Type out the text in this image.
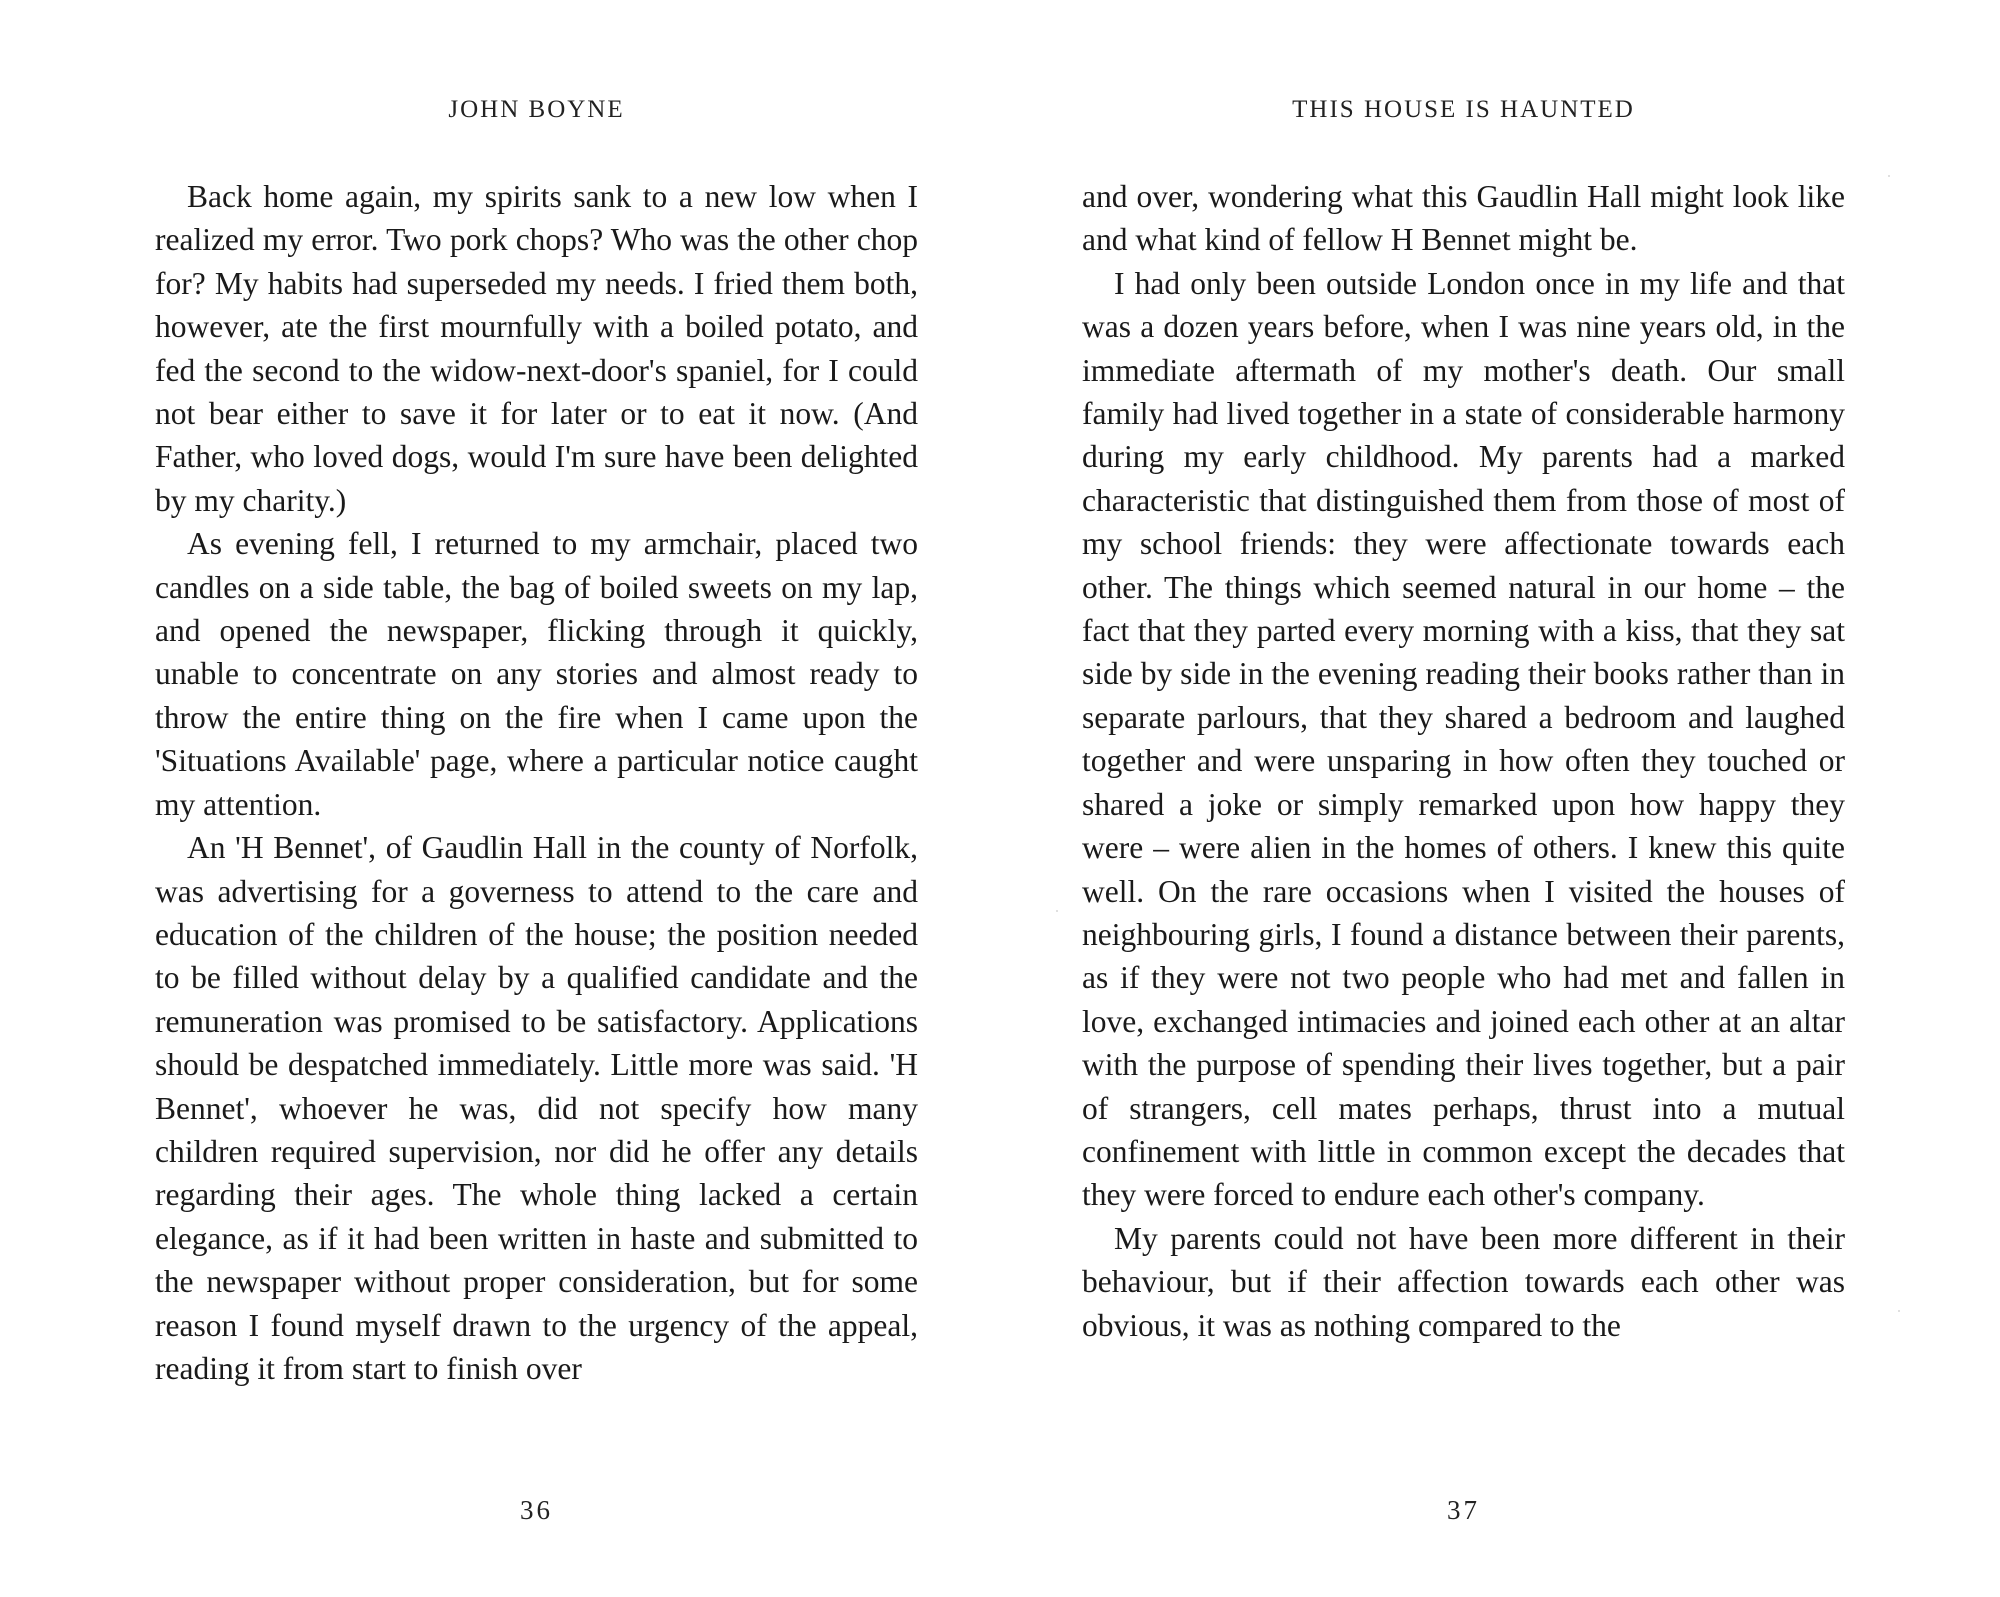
JOHN BOYNE

Back home again, my spirits sank to a new low when I realized my error. Two pork chops? Who was the other chop for? My habits had superseded my needs. I fried them both, however, ate the first mournfully with a boiled potato, and fed the second to the widow-next-door's spaniel, for I could not bear either to save it for later or to eat it now. (And Father, who loved dogs, would I'm sure have been delighted by my charity.)

As evening fell, I returned to my armchair, placed two candles on a side table, the bag of boiled sweets on my lap, and opened the newspaper, flicking through it quickly, unable to concentrate on any stories and almost ready to throw the entire thing on the fire when I came upon the 'Situations Available' page, where a particular notice caught my attention.

An 'H Bennet', of Gaudlin Hall in the county of Norfolk, was advertising for a governess to attend to the care and education of the children of the house; the position needed to be filled without delay by a qualified candidate and the remuneration was promised to be satisfactory. Applications should be despatched immediately. Little more was said. 'H Bennet', whoever he was, did not specify how many children required supervision, nor did he offer any details regarding their ages. The whole thing lacked a certain elegance, as if it had been written in haste and submitted to the newspaper without proper consideration, but for some reason I found myself drawn to the urgency of the appeal, reading it from start to finish over

36
THIS HOUSE IS HAUNTED

and over, wondering what this Gaudlin Hall might look like and what kind of fellow H Bennet might be.

I had only been outside London once in my life and that was a dozen years before, when I was nine years old, in the immediate aftermath of my mother's death. Our small family had lived together in a state of considerable harmony during my early childhood. My parents had a marked characteristic that distinguished them from those of most of my school friends: they were affectionate towards each other. The things which seemed natural in our home – the fact that they parted every morning with a kiss, that they sat side by side in the evening reading their books rather than in separate parlours, that they shared a bedroom and laughed together and were unsparing in how often they touched or shared a joke or simply remarked upon how happy they were – were alien in the homes of others. I knew this quite well. On the rare occasions when I visited the houses of neighbouring girls, I found a distance between their parents, as if they were not two people who had met and fallen in love, exchanged intimacies and joined each other at an altar with the purpose of spending their lives together, but a pair of strangers, cell mates perhaps, thrust into a mutual confinement with little in common except the decades that they were forced to endure each other's company.

My parents could not have been more different in their behaviour, but if their affection towards each other was obvious, it was as nothing compared to the

37
